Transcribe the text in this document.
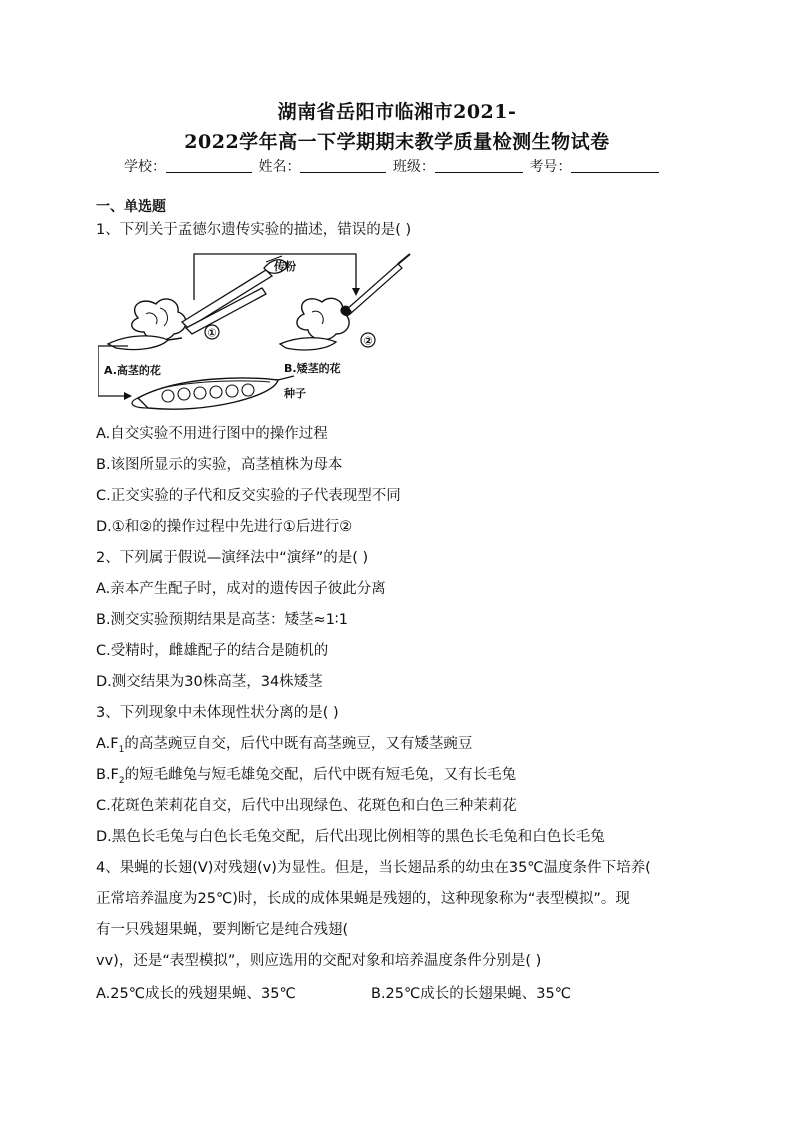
湖南省岳阳市临湘市2021-
2022学年高一下学期期末教学质量检测生物试卷
学校：	姓名：	班级：	考号：
一、单选题
1、下列关于孟德尔遗传实验的描述，错误的是( )
①
传粉
②
A.高茎的花	B.矮茎的花
种子
A.自交实验不用进行图中的操作过程
B.该图所显示的实验，高茎植株为母本
C.正交实验的子代和反交实验的子代表现型不同
D.①和②的操作过程中先进行①后进行②
2、下列属于假说—演绎法中“演绎”的是( )
A.亲本产生配子时，成对的遗传因子彼此分离
B.测交实验预期结果是高茎：矮茎≈1∶1
C.受精时，雌雄配子的结合是随机的
D.测交结果为30株高茎，34株矮茎
3、下列现象中未体现性状分离的是( )
$A.F_1$的高茎豌豆自交，后代中既有高茎豌豆，又有矮茎豌豆
$B.F_2$的短毛雌兔与短毛雄兔交配，后代中既有短毛兔，又有长毛兔
C.花斑色茉莉花自交，后代中出现绿色、花斑色和白色三种茉莉花
D.黑色长毛兔与白色长毛兔交配，后代出现比例相等的黑色长毛兔和白色长毛兔
4、果蝇的长翅(V)对残翅(v)为显性。但是，当长翅品系的幼虫在35℃温度条件下培养(
正常培养温度为25℃)时，长成的成体果蝇是残翅的，这种现象称为“表型模拟”。现
有一只残翅果蝇，要判断它是纯合残翅(
vv)，还是“表型模拟”，则应选用的交配对象和培养温度条件分别是( )
A.25℃成长的残翅果蝇、35℃	B.25℃成长的长翅果蝇、35℃
